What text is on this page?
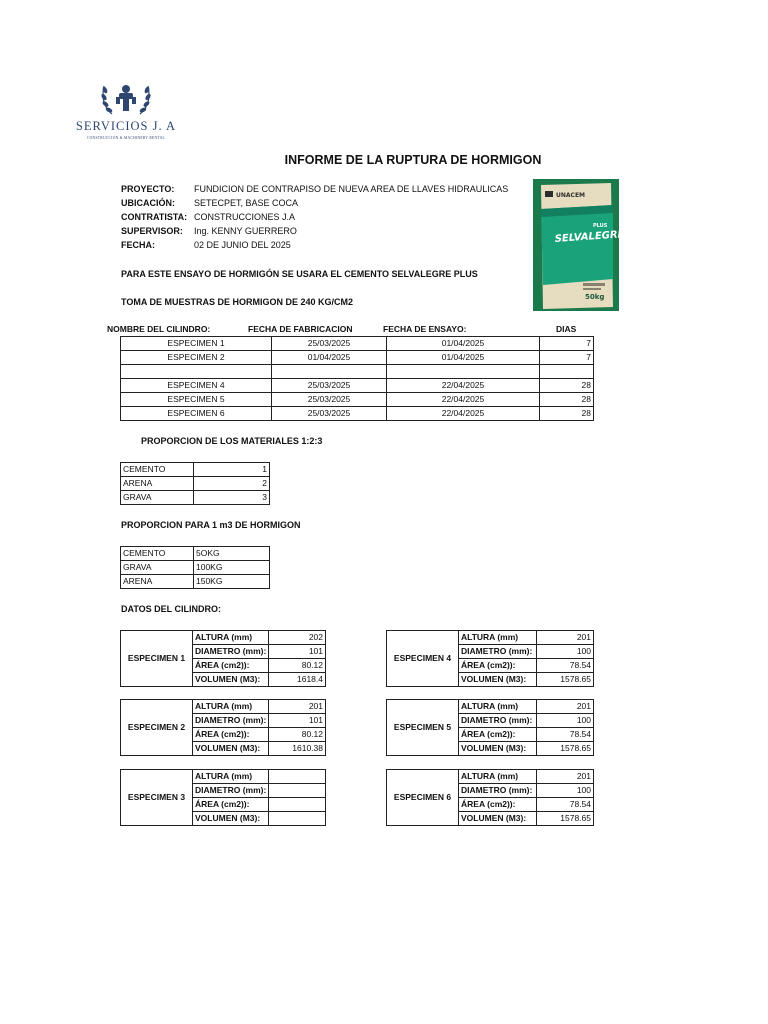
SERVICIOS J. A
CONSTRUCCION & MACHINERY RENTAL
INFORME DE LA RUPTURA DE HORMIGON
PROYECTO: FUNDICION DE CONTRAPISO DE NUEVA AREA DE LLAVES HIDRAULICAS
UBICACIÓN: SETECPET, BASE COCA
CONTRATISTA: CONSTRUCCIONES J.A
SUPERVISOR: Ing. KENNY GUERRERO
FECHA:	02 DE JUNIO DEL 2025
UNACEM
PLUS
SELVALEGRE
50kg
PARA ESTE ENSAYO DE HORMIGÓN SE USARA EL CEMENTO SELVALEGRE PLUS
TOMA DE MUESTRAS DE HORMIGON DE 240 KG/CM2
NOMBRE DEL CILINDRO:	FECHA DE FABRICACION	FECHA DE ENSAYO:	DIAS
ESPECIMEN 1	25/03/2025	01/04/2025	7
ESPECIMEN 2	01/04/2025	01/04/2025	7

ESPECIMEN 4	25/03/2025	22/04/2025	28
ESPECIMEN 5	25/03/2025	22/04/2025	28
ESPECIMEN 6	25/03/2025	22/04/2025	28
PROPORCION DE LOS MATERIALES 1:2:3
CEMENTO	1
ARENA	2
GRAVA	3
PROPORCION PARA 1 m3 DE HORMIGON
CEMENTO	5OKG
GRAVA	100KG
ARENA	150KG
DATOS DEL CILINDRO:
ESPECIMEN 1	ALTURA (mm)	202
	DIAMETRO (mm):	101
	ÁREA (cm2)):	80.12
	VOLUMEN (M3):	1618.4
ESPECIMEN 4	ALTURA (mm)	201
	DIAMETRO (mm):	100
	ÁREA (cm2)):	78.54
	VOLUMEN (M3):	1578.65
ESPECIMEN 2	ALTURA (mm)	201
	DIAMETRO (mm):	101
	ÁREA (cm2)):	80.12
	VOLUMEN (M3):	1610.38
ESPECIMEN 5	ALTURA (mm)	201
	DIAMETRO (mm):	100
	ÁREA (cm2)):	78.54
	VOLUMEN (M3):	1578.65
ESPECIMEN 3	ALTURA (mm)	
	DIAMETRO (mm):	
	ÁREA (cm2)):	
	VOLUMEN (M3):	
ESPECIMEN 6	ALTURA (mm)	201
	DIAMETRO (mm):	100
	ÁREA (cm2)):	78.54
	VOLUMEN (M3):	1578.65
